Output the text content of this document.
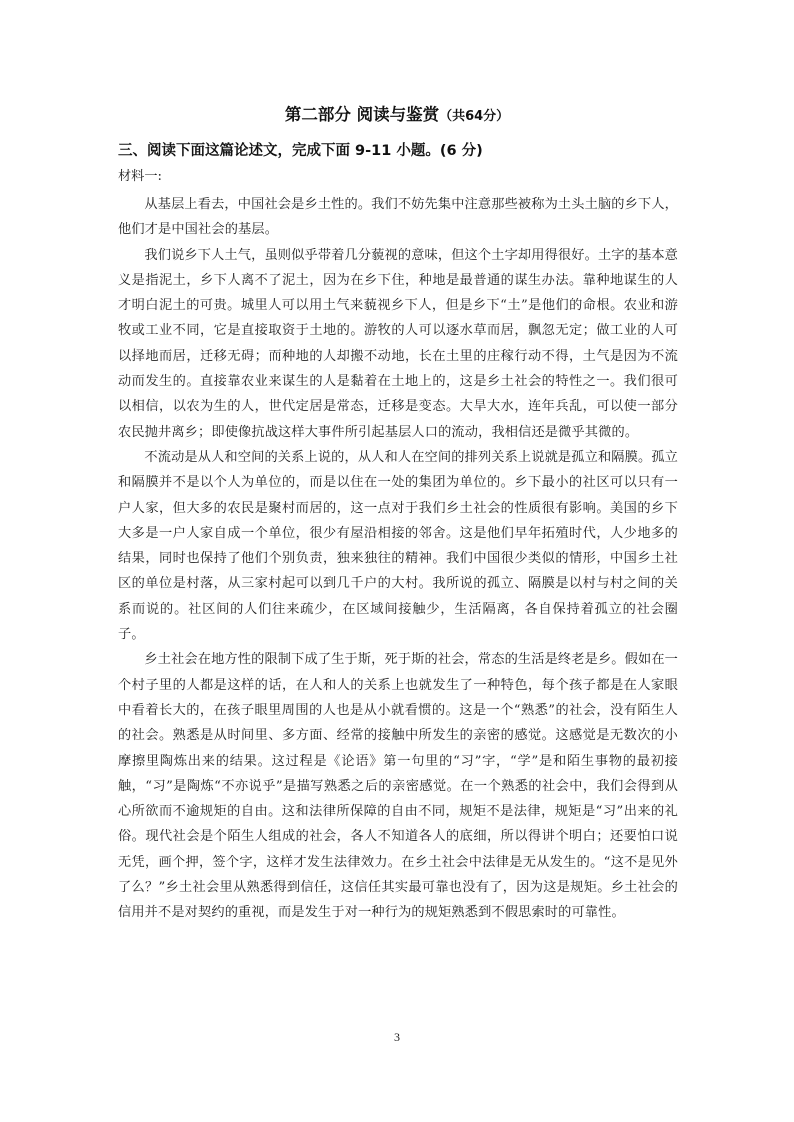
第二部分 阅读与鉴赏（共64分）
三、阅读下面这篇论述文，完成下面 9-11 小题。(6 分)
材料一:

从基层上看去，中国社会是乡土性的。我们不妨先集中注意那些被称为土头土脑的乡下人，他们才是中国社会的基层。

我们说乡下人土气，虽则似乎带着几分藐视的意味，但这个土字却用得很好。土字的基本意义是指泥土，乡下人离不了泥土，因为在乡下住，种地是最普通的谋生办法。靠种地谋生的人才明白泥土的可贵。城里人可以用土气来藐视乡下人，但是乡下“土”是他们的命根。农业和游牧或工业不同，它是直接取资于土地的。游牧的人可以逐水草而居，飘忽无定；做工业的人可以择地而居，迁移无碍；而种地的人却搬不动地，长在土里的庄稼行动不得，土气是因为不流动而发生的。直接靠农业来谋生的人是黏着在土地上的，这是乡土社会的特性之一。我们很可以相信，以农为生的人，世代定居是常态，迁移是变态。大旱大水，连年兵乱，可以使一部分农民抛井离乡；即使像抗战这样大事件所引起基层人口的流动，我相信还是微乎其微的。

不流动是从人和空间的关系上说的，从人和人在空间的排列关系上说就是孤立和隔膜。孤立和隔膜并不是以个人为单位的，而是以住在一处的集团为单位的。乡下最小的社区可以只有一户人家，但大多的农民是聚村而居的，这一点对于我们乡土社会的性质很有影响。美国的乡下大多是一户人家自成一个单位，很少有屋沿相接的邻舍。这是他们早年拓殖时代，人少地多的结果，同时也保持了他们个别负责，独来独往的精神。我们中国很少类似的情形，中国乡土社区的单位是村落，从三家村起可以到几千户的大村。我所说的孤立、隔膜是以村与村之间的关系而说的。社区间的人们往来疏少，在区域间接触少，生活隔离，各自保持着孤立的社会圈子。

乡土社会在地方性的限制下成了生于斯，死于斯的社会，常态的生活是终老是乡。假如在一个村子里的人都是这样的话，在人和人的关系上也就发生了一种特色，每个孩子都是在人家眼中看着长大的，在孩子眼里周围的人也是从小就看惯的。这是一个“熟悉”的社会，没有陌生人的社会。熟悉是从时间里、多方面、经常的接触中所发生的亲密的感觉。这感觉是无数次的小摩擦里陶炼出来的结果。这过程是《论语》第一句里的“习”字，“学”是和陌生事物的最初接触，“习”是陶炼“不亦说乎”是描写熟悉之后的亲密感觉。在一个熟悉的社会中，我们会得到从心所欲而不逾规矩的自由。这和法律所保障的自由不同，规矩不是法律，规矩是“习”出来的礼俗。现代社会是个陌生人组成的社会，各人不知道各人的底细，所以得讲个明白；还要怕口说无凭，画个押，签个字，这样才发生法律效力。在乡土社会中法律是无从发生的。“这不是见外了么？”乡土社会里从熟悉得到信任，这信任其实最可靠也没有了，因为这是规矩。乡土社会的信用并不是对契约的重视，而是发生于对一种行为的规矩熟悉到不假思索时的可靠性。

3
